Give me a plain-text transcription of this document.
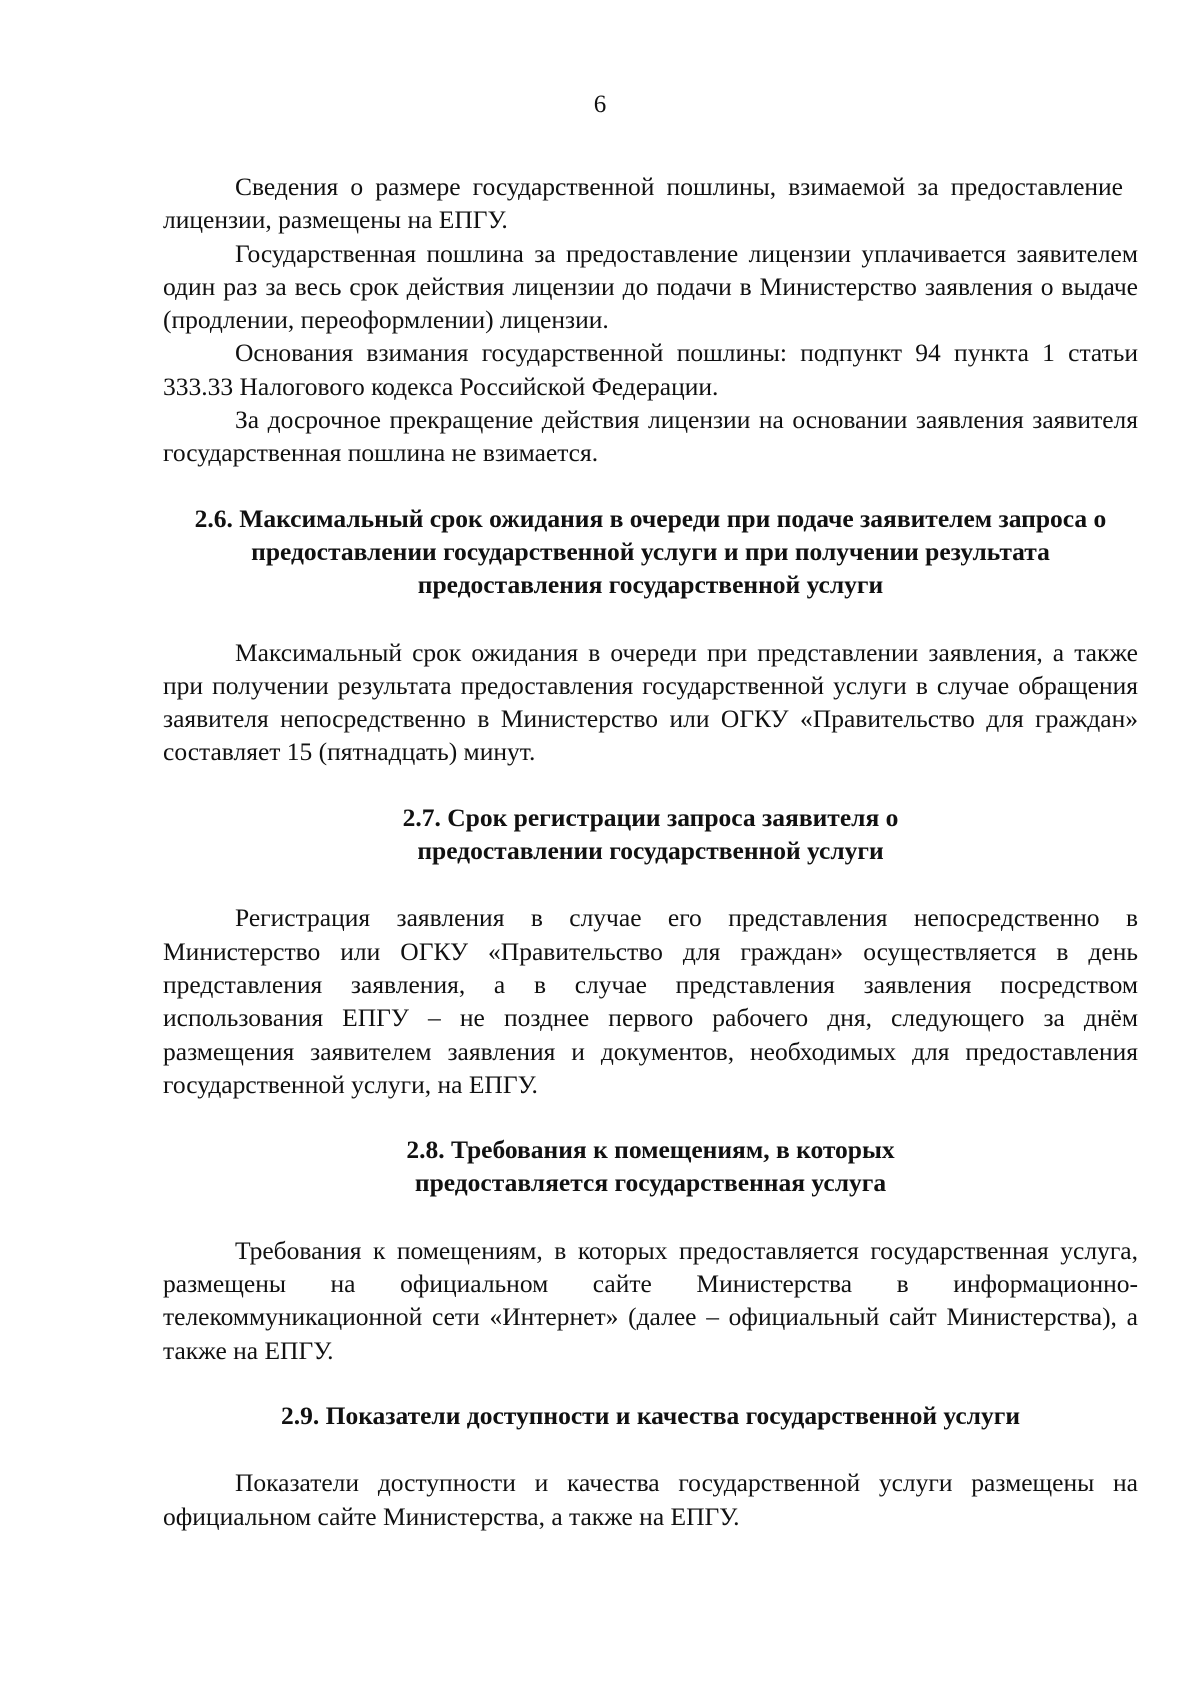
6

Сведения о размере государственной пошлины, взимаемой за предоставление лицензии, размещены на ЕПГУ.

Государственная пошлина за предоставление лицензии уплачивается заявителем один раз за весь срок действия лицензии до подачи в Министерство заявления о выдаче (продлении, переоформлении) лицензии.

Основания взимания государственной пошлины: подпункт 94 пункта 1 статьи 333.33 Налогового кодекса Российской Федерации.

За досрочное прекращение действия лицензии на основании заявления заявителя государственная пошлина не взимается.

2.6. Максимальный срок ожидания в очереди при подаче заявителем запроса о предоставлении государственной услуги и при получении результата предоставления государственной услуги

Максимальный срок ожидания в очереди при представлении заявления, а также при получении результата предоставления государственной услуги в случае обращения заявителя непосредственно в Министерство или ОГКУ «Правительство для граждан» составляет 15 (пятнадцать) минут.

2.7. Срок регистрации запроса заявителя о предоставлении государственной услуги

Регистрация заявления в случае его представления непосредственно в Министерство или ОГКУ «Правительство для граждан» осуществляется в день представления заявления, а в случае представления заявления посредством использования ЕПГУ – не позднее первого рабочего дня, следующего за днём размещения заявителем заявления и документов, необходимых для предоставления государственной услуги, на ЕПГУ.

2.8. Требования к помещениям, в которых предоставляется государственная услуга

Требования к помещениям, в которых предоставляется государственная услуга, размещены на официальном сайте Министерства в информационно-телекоммуникационной сети «Интернет» (далее – официальный сайт Министерства), а также на ЕПГУ.

2.9. Показатели доступности и качества государственной услуги

Показатели доступности и качества государственной услуги размещены на официальном сайте Министерства, а также на ЕПГУ.
